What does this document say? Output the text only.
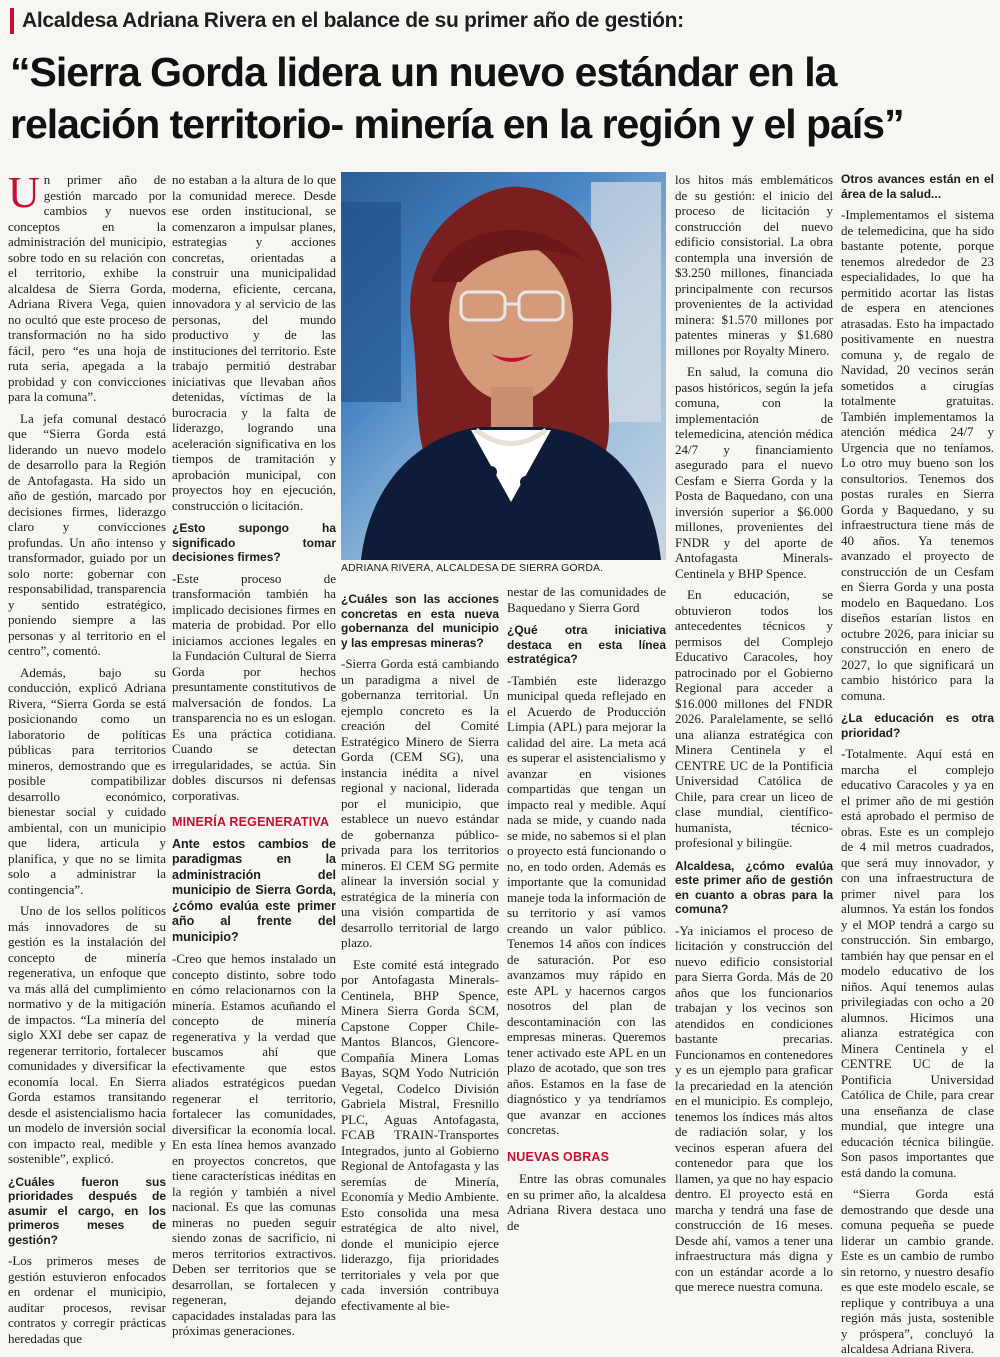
Alcaldesa Adriana Rivera en el balance de su primer año de gestión:
“Sierra Gorda lidera un nuevo estándar en la
relación territorio- minería en la región y el país”

Un primer año de gestión marcado por cambios y nuevos conceptos en la administración del municipio, sobre todo en su relación con el territorio, exhibe la alcaldesa de Sierra Gorda, Adriana Rivera Vega, quien no ocultó que este proceso de transformación no ha sido fácil, pero “es una hoja de ruta seria, apegada a la probidad y con convicciones para la comuna”.

La jefa comunal destacó que “Sierra Gorda está liderando un nuevo modelo de desarrollo para la Región de Antofagasta. Ha sido un año de gestión, marcado por decisiones firmes, liderazgo claro y convicciones profundas. Un año intenso y transformador, guiado por un solo norte: gobernar con responsabilidad, transparencia y sentido estratégico, poniendo siempre a las personas y al territorio en el centro”, comentó.

Además, bajo su conducción, explicó Adriana Rivera, “Sierra Gorda se está posicionando como un laboratorio de políticas públicas para territorios mineros, demostrando que es posible compatibilizar desarrollo económico, bienestar social y cuidado ambiental, con un municipio que lidera, articula y planifica, y que no se limita solo a administrar la contingencia”.

Uno de los sellos políticos más innovadores de su gestión es la instalación del concepto de minería regenerativa, un enfoque que va más allá del cumplimiento normativo y de la mitigación de impactos. “La minería del siglo XXI debe ser capaz de regenerar territorio, fortalecer comunidades y diversificar la economía local. En Sierra Gorda estamos transitando desde el asistencialismo hacia un modelo de inversión social con impacto real, medible y sostenible”, explicó.

¿Cuáles fueron sus prioridades después de asumir el cargo, en los primeros meses de gestión?

-Los primeros meses de gestión estuvieron enfocados en ordenar el municipio, auditar procesos, revisar contratos y corregir prácticas heredadas que

no estaban a la altura de lo que la comunidad merece. Desde ese orden institucional, se comenzaron a impulsar planes, estrategias y acciones concretas, orientadas a construir una municipalidad moderna, eficiente, cercana, innovadora y al servicio de las personas, del mundo productivo y de las instituciones del territorio. Este trabajo permitió destrabar iniciativas que llevaban años detenidas, víctimas de la burocracia y la falta de liderazgo, logrando una aceleración significativa en los tiempos de tramitación y aprobación municipal, con proyectos hoy en ejecución, construcción o licitación.

¿Esto supongo ha significado tomar decisiones firmes?

-Este proceso de transformación también ha implicado decisiones firmes en materia de probidad. Por ello iniciamos acciones legales en la Fundación Cultural de Sierra Gorda por hechos presuntamente constitutivos de malversación de fondos. La transparencia no es un eslogan. Es una práctica cotidiana. Cuando se detectan irregularidades, se actúa. Sin dobles discursos ni defensas corporativas.

MINERÍA REGENERATIVA

Ante estos cambios de paradigmas en la administración del municipio de Sierra Gorda, ¿cómo evalúa este primer año al frente del municipio?

-Creo que hemos instalado un concepto distinto, sobre todo en cómo relacionarnos con la minería. Estamos acuñando el concepto de minería regenerativa y la verdad que buscamos ahí que efectivamente que estos aliados estratégicos puedan regenerar el territorio, fortalecer las comunidades, diversificar la economía local. En esta línea hemos avanzado en proyectos concretos, que tiene características inéditas en la región y también a nivel nacional. Es que las comunas mineras no pueden seguir siendo zonas de sacrificio, ni meros territorios extractivos. Deben ser territorios que se desarrollan, se fortalecen y regeneran, dejando capacidades instaladas para las próximas generaciones.

ADRIANA RIVERA, ALCALDESA DE SIERRA GORDA.

¿Cuáles son las acciones concretas en esta nueva gobernanza del municipio y las empresas mineras?

-Sierra Gorda está cambiando un paradigma a nivel de gobernanza territorial. Un ejemplo concreto es la creación del Comité Estratégico Minero de Sierra Gorda (CEM SG), una instancia inédita a nivel regional y nacional, liderada por el municipio, que establece un nuevo estándar de gobernanza público-privada para los territorios mineros. El CEM SG permite alinear la inversión social y estratégica de la minería con una visión compartida de desarrollo territorial de largo plazo.

Este comité está integrado por Antofagasta Minerals-Centinela, BHP Spence, Minera Sierra Gorda SCM, Capstone Copper Chile-Mantos Blancos, Glencore-Compañía Minera Lomas Bayas, SQM Yodo Nutrición Vegetal, Codelco División Gabriela Mistral, Fresnillo PLC, Aguas Antofagasta, FCAB TRAIN-Transportes Integrados, junto al Gobierno Regional de Antofagasta y las seremías de Minería, Economía y Medio Ambiente. Esto consolida una mesa estratégica de alto nivel, donde el municipio ejerce liderazgo, fija prioridades territoriales y vela por que cada inversión contribuya efectivamente al bie-

nestar de las comunidades de Baquedano y Sierra Gord

¿Qué otra iniciativa destaca en esta línea estratégica?

-También este liderazgo municipal queda reflejado en el Acuerdo de Producción Limpia (APL) para mejorar la calidad del aire. La meta acá es superar el asistencialismo y avanzar en visiones compartidas que tengan un impacto real y medible. Aquí nada se mide, y cuando nada se mide, no sabemos si el plan o proyecto está funcionando o no, en todo orden. Además es importante que la comunidad maneje toda la información de su territorio y así vamos creando un valor público. Tenemos 14 años con índices de saturación. Por eso avanzamos muy rápido en este APL y hacernos cargos nosotros del plan de descontaminación con las empresas mineras. Queremos tener activado este APL en un plazo de acotado, que son tres años. Estamos en la fase de diagnóstico y ya tendríamos que avanzar en acciones concretas.

NUEVAS OBRAS

Entre las obras comunales en su primer año, la alcaldesa Adriana Rivera destaca uno de

los hitos más emblemáticos de su gestión: el inicio del proceso de licitación y construcción del nuevo edificio consistorial. La obra contempla una inversión de $3.250 millones, financiada principalmente con recursos provenientes de la actividad minera: $1.570 millones por patentes mineras y $1.680 millones por Royalty Minero.

En salud, la comuna dio pasos históricos, según la jefa comuna, con la implementación de telemedicina, atención médica 24/7 y financiamiento asegurado para el nuevo Cesfam e Sierra Gorda y la Posta de Baquedano, con una inversión superior a $6.000 millones, provenientes del FNDR y del aporte de Antofagasta Minerals-Centinela y BHP Spence.

En educación, se obtuvieron todos los antecedentes técnicos y permisos del Complejo Educativo Caracoles, hoy patrocinado por el Gobierno Regional para acceder a $16.000 millones del FNDR 2026. Paralelamente, se selló una alianza estratégica con Minera Centinela y el CENTRE UC de la Pontificia Universidad Católica de Chile, para crear un liceo de clase mundial, científico-humanista, técnico-profesional y bilingüe.

Alcaldesa, ¿cómo evalúa este primer año de gestión en cuanto a obras para la comuna?

-Ya iniciamos el proceso de licitación y construcción del nuevo edificio consistorial para Sierra Gorda. Más de 20 años que los funcionarios trabajan y los vecinos son atendidos en condiciones bastante precarias. Funcionamos en contenedores y es un ejemplo para graficar la precariedad en la atención en el municipio. Es complejo, tenemos los índices más altos de radiación solar, y los vecinos esperan afuera del contenedor para que los llamen, ya que no hay espacio dentro. El proyecto está en marcha y tendrá una fase de construcción de 16 meses. Desde ahí, vamos a tener una infraestructura más digna y con un estándar acorde a lo que merece nuestra comuna.

Otros avances están en el área de la salud...

-Implementamos el sistema de telemedicina, que ha sido bastante potente, porque tenemos alrededor de 23 especialidades, lo que ha permitido acortar las listas de espera en atenciones atrasadas. Esto ha impactado positivamente en nuestra comuna y, de regalo de Navidad, 20 vecinos serán sometidos a cirugías totalmente gratuitas. También implementamos la atención médica 24/7 y Urgencia que no teníamos. Lo otro muy bueno son los consultorios. Tenemos dos postas rurales en Sierra Gorda y Baquedano, y su infraestructura tiene más de 40 años. Ya tenemos avanzado el proyecto de construcción de un Cesfam en Sierra Gorda y una posta modelo en Baquedano. Los diseños estarían listos en octubre 2026, para iniciar su construcción en enero de 2027, lo que significará un cambio histórico para la comuna.

¿La educación es otra prioridad?

-Totalmente. Aquí está en marcha el complejo educativo Caracoles y ya en el primer año de mi gestión está aprobado el permiso de obras. Este es un complejo de 4 mil metros cuadrados, que será muy innovador, y con una infraestructura de primer nivel para los alumnos. Ya están los fondos y el MOP tendrá a cargo su construcción. Sin embargo, también hay que pensar en el modelo educativo de los niños. Aquí tenemos aulas privilegiadas con ocho a 20 alumnos. Hicimos una alianza estratégica con Minera Centinela y el CENTRE UC de la Pontificia Universidad Católica de Chile, para crear una enseñanza de clase mundial, que integre una educación técnica bilingüe. Son pasos importantes que está dando la comuna.

“Sierra Gorda está demostrando que desde una comuna pequeña se puede liderar un cambio grande. Este es un cambio de rumbo sin retorno, y nuestro desafío es que este modelo escale, se replique y contribuya a una región más justa, sostenible y próspera”, concluyó la alcaldesa Adriana Rivera.
